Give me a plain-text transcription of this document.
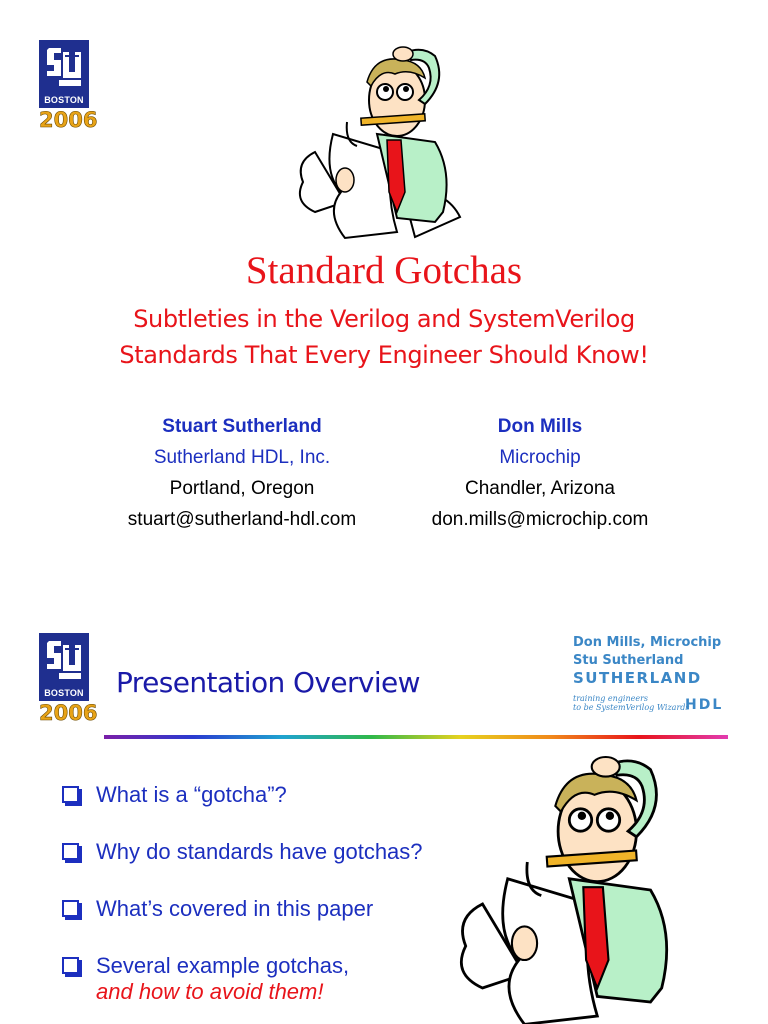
BOSTON
2006
Standard Gotchas
Subtleties in the Verilog and SystemVerilog
Standards That Every Engineer Should Know!
Stuart Sutherland
Sutherland HDL, Inc.
Portland, Oregon
stuart@sutherland-hdl.com
Don Mills
Microchip
Chandler, Arizona
don.mills@microchip.com
BOSTON
2006
Presentation Overview
Don Mills, Microchip
Stu Sutherland
SUTHERLAND
HDL
training engineers
to be SystemVerilog Wizards
What is a “gotcha”?
Why do standards have gotchas?
What’s covered in this paper
Several example gotchas,
and how to avoid them!
